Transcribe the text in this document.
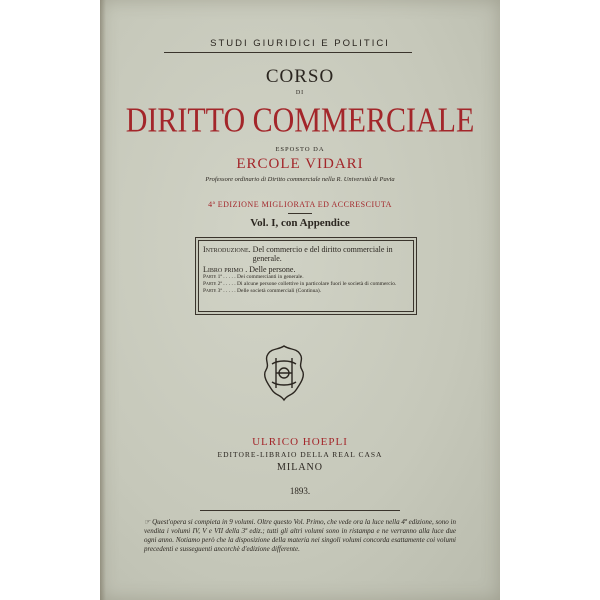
STUDI GIURIDICI E POLITICI
CORSO
DI
DIRITTO COMMERCIALE
ESPOSTO DA
ERCOLE VIDARI
Professore ordinario di Diritto commerciale nella R. Università di Pavia
4ª EDIZIONE MIGLIORATA ED ACCRESCIUTA
Vol. I, con Appendice
Introduzione.
Del commercio e del diritto commerciale in generale.
Libro primo .
Delle persone.
Parte 1ª . . . . .
Dei commercianti in generale.
Parte 2ª . . . . .
Di alcune persone collettive in particolare fuori le società di commercio.
Parte 3ª . . . . .
Delle società commerciali (Continua).
ULRICO HOEPLI
EDITORE-LIBRAIO DELLA REAL CASA
MILANO
1893.
☞ Quest'opera si compieta in 9 volumi. Oltre questo Vol. Primo, che vede ora la luce nella 4ª edizione, sono in vendita i volumi IV, V e VII della 3ª ediz.; tutti gli altri volumi sono in ristampa e ne verranno alla luce due ogni anno. Notiamo però che la disposizione della materia nei singoli volumi concorda esattamente coi volumi precedenti e susseguenti ancorchè d'edizione differente.
